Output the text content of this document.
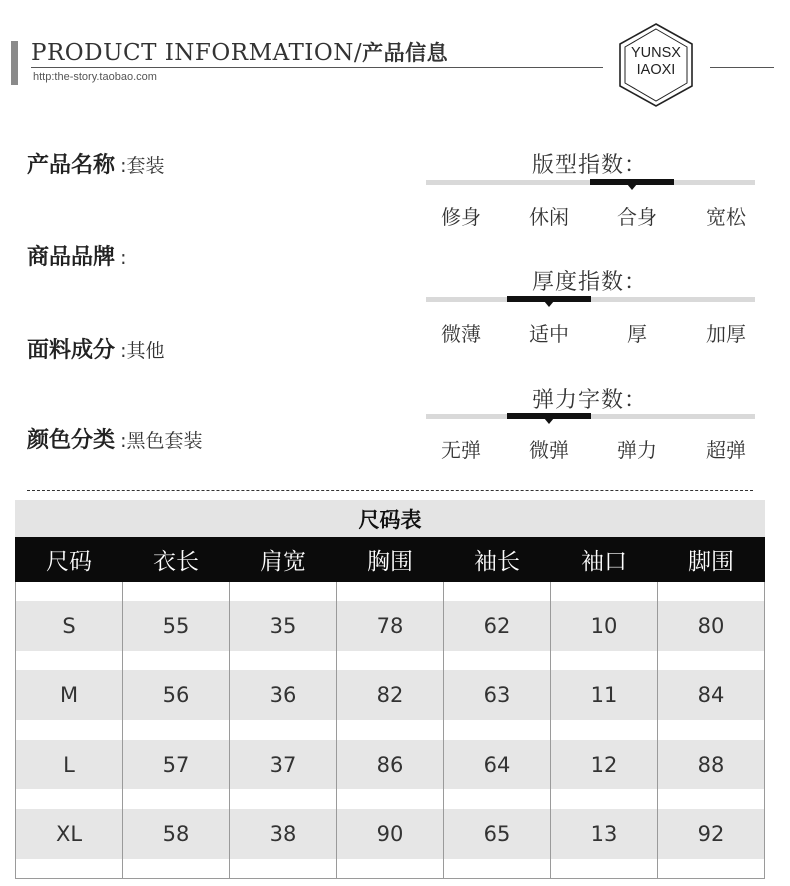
PRODUCT INFORMATION/产品信息
http:the-story.taobao.com
YUNSX
IAOXI
产品名称 :套装
商品品牌 :
面料成分 :其他
颜色分类 :黑色套装
版型指数：
修身	休闲	合身	宽松
厚度指数：
微薄	适中	厚	加厚
弹力字数：
无弹	微弹	弹力	超弹
尺码表
尺码	衣长	肩宽	胸围	袖长	袖口	脚围

S	55	35	78	62	10	80

M	56	36	82	63	11	84

L	57	37	86	64	12	88

XL	58	38	90	65	13	92
